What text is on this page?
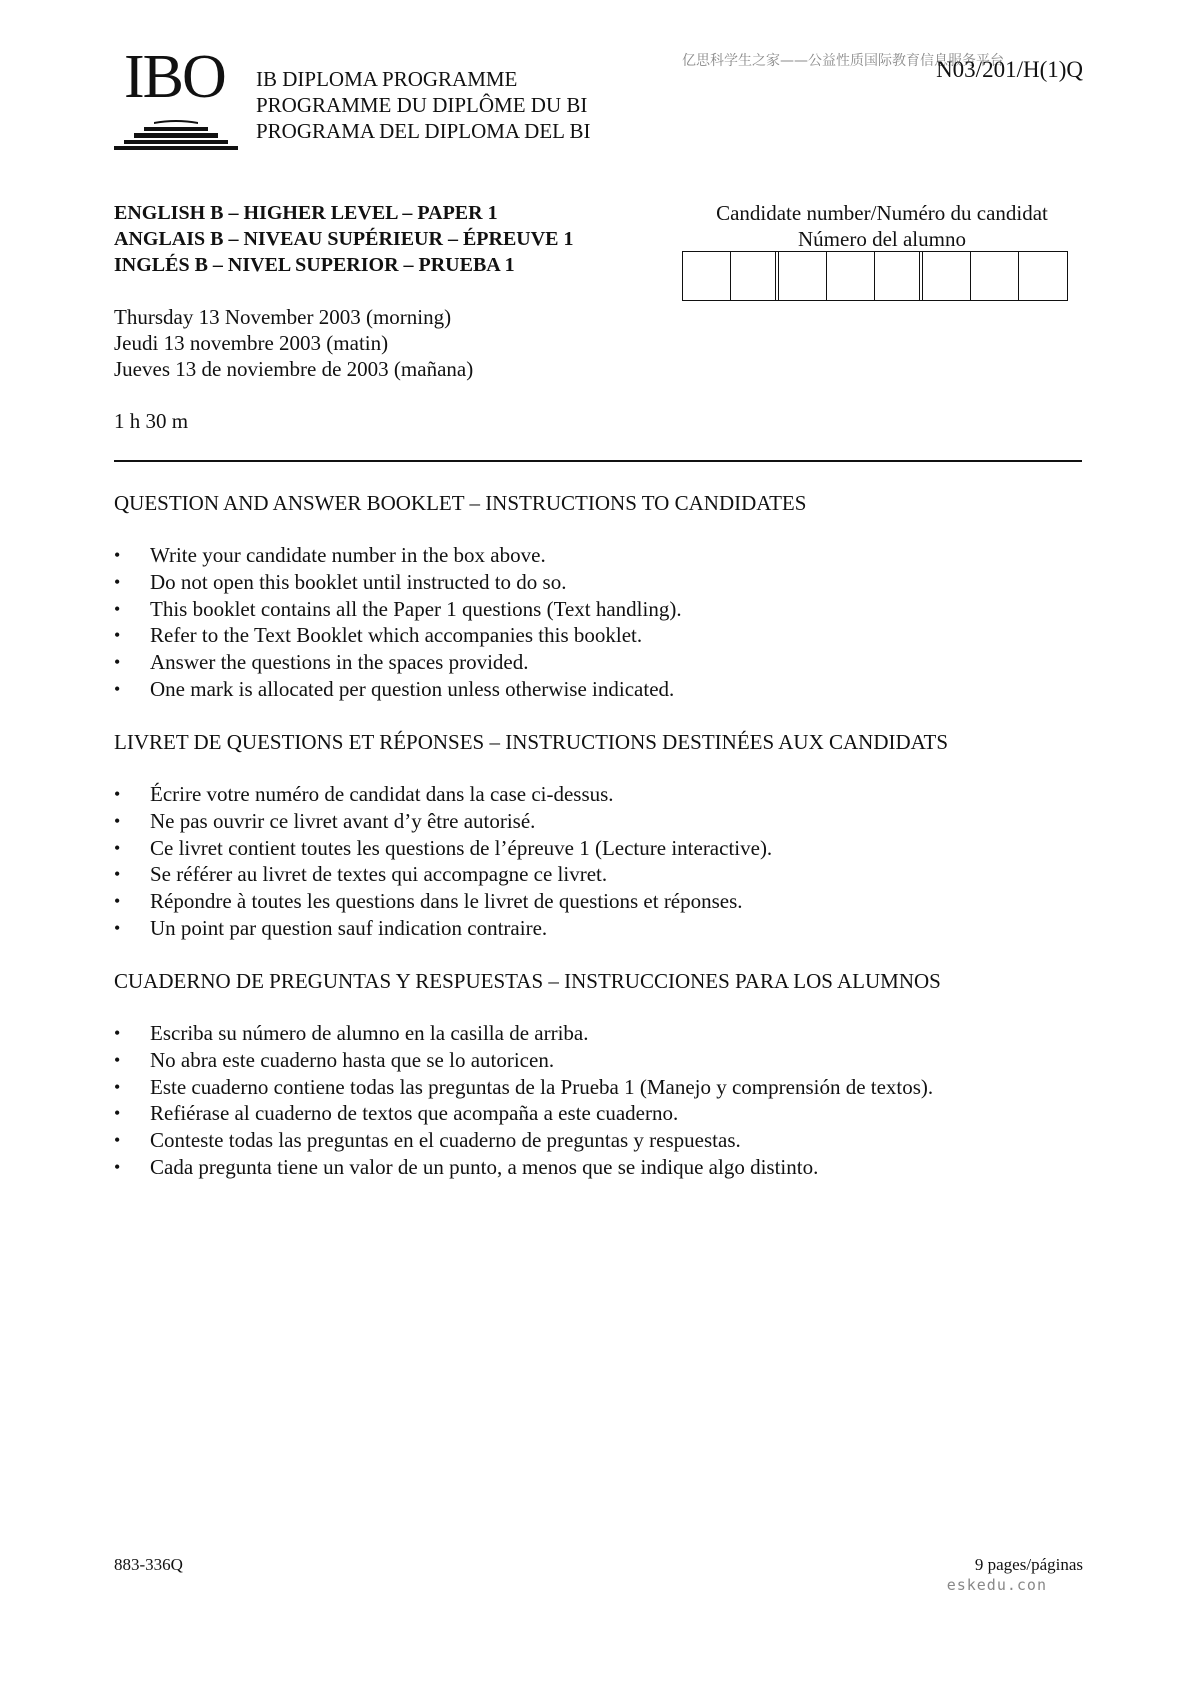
IBO IB DIPLOMA PROGRAMME
PROGRAMME DU DIPLÔME DU BI
PROGRAMA DEL DIPLOMA DEL BI
亿思科学生之家——公益性质国际教育信息服务平台
N03/201/H(1)Q
ENGLISH B – HIGHER LEVEL – PAPER 1
ANGLAIS B – NIVEAU SUPÉRIEUR – ÉPREUVE 1
INGLÉS B – NIVEL SUPERIOR – PRUEBA 1
Candidate number/Numéro du candidat
Número del alumno
Thursday 13 November 2003 (morning)
Jeudi 13 novembre 2003 (matin)
Jueves 13 de noviembre de 2003 (mañana)
1 h 30 m
QUESTION AND ANSWER BOOKLET – INSTRUCTIONS TO CANDIDATES
• Write your candidate number in the box above.
• Do not open this booklet until instructed to do so.
• This booklet contains all the Paper 1 questions (Text handling).
• Refer to the Text Booklet which accompanies this booklet.
• Answer the questions in the spaces provided.
• One mark is allocated per question unless otherwise indicated.
LIVRET DE QUESTIONS ET RÉPONSES – INSTRUCTIONS DESTINÉES AUX CANDIDATS
• Écrire votre numéro de candidat dans la case ci-dessus.
• Ne pas ouvrir ce livret avant d’y être autorisé.
• Ce livret contient toutes les questions de l’épreuve 1 (Lecture interactive).
• Se référer au livret de textes qui accompagne ce livret.
• Répondre à toutes les questions dans le livret de questions et réponses.
• Un point par question sauf indication contraire.
CUADERNO DE PREGUNTAS Y RESPUESTAS – INSTRUCCIONES PARA LOS ALUMNOS
• Escriba su número de alumno en la casilla de arriba.
• No abra este cuaderno hasta que se lo autoricen.
• Este cuaderno contiene todas las preguntas de la Prueba 1 (Manejo y comprensión de textos).
• Refiérase al cuaderno de textos que acompaña a este cuaderno.
• Conteste todas las preguntas en el cuaderno de preguntas y respuestas.
• Cada pregunta tiene un valor de un punto, a menos que se indique algo distinto.
883-336Q	9 pages/páginas
eskedu.con
